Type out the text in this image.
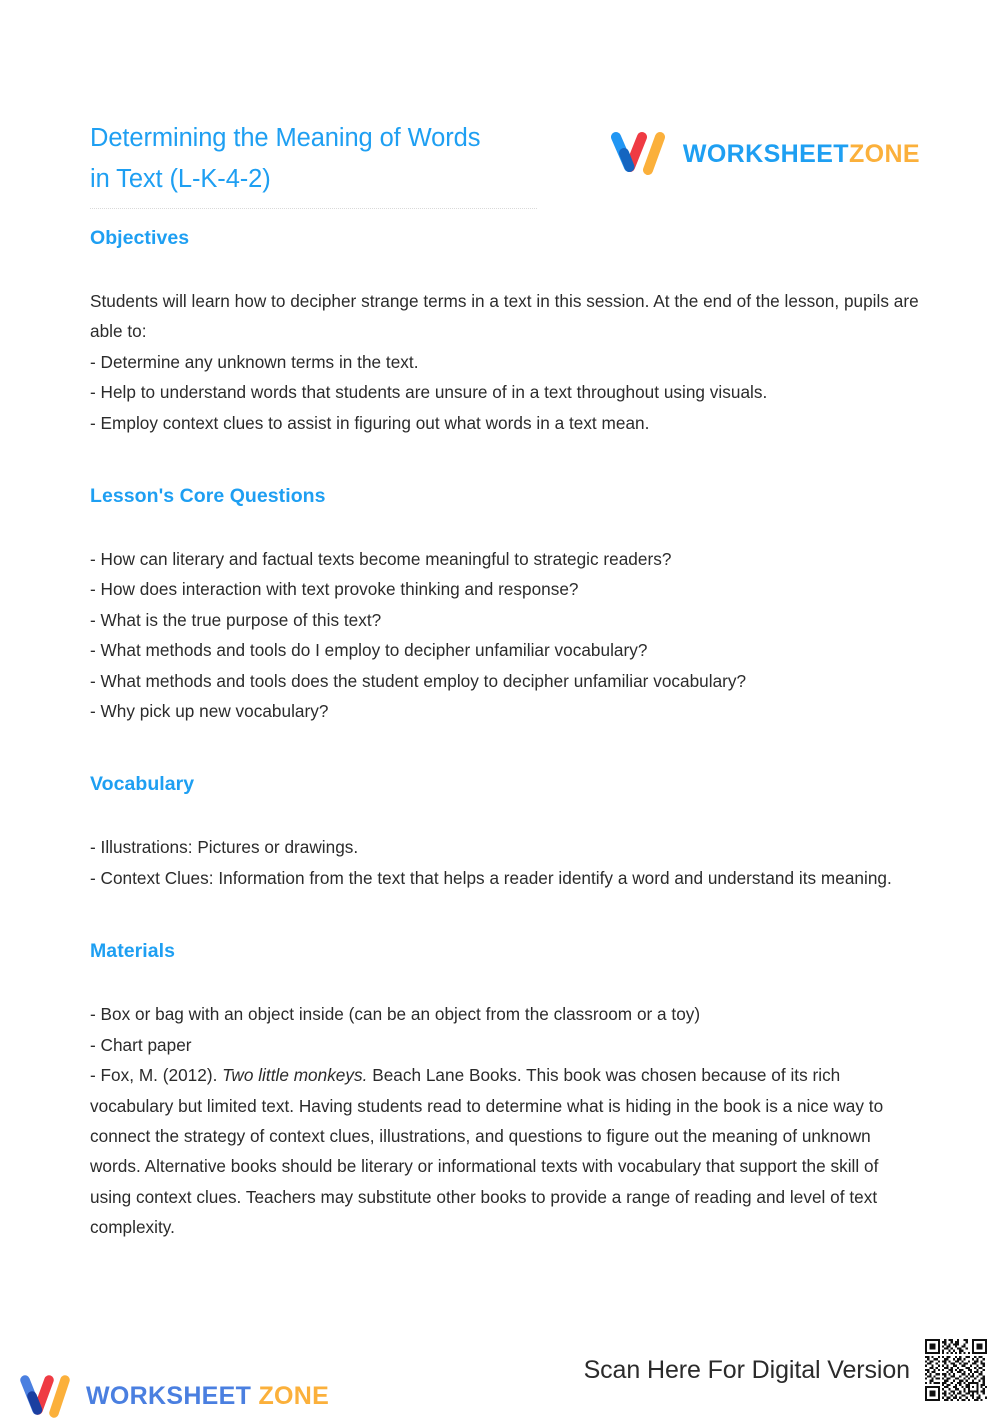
Determining the Meaning of Words
in Text (L-K-4-2)
WORKSHEETZONE
Objectives

Students will learn how to decipher strange terms in a text in this session. At the end of the lesson, pupils are able to:

- Determine any unknown terms in the text.

- Help to understand words that students are unsure of in a text throughout using visuals.

- Employ context clues to assist in figuring out what words in a text mean.

Lesson's Core Questions

- How can literary and factual texts become meaningful to strategic readers?

- How does interaction with text provoke thinking and response?

- What is the true purpose of this text?

- What methods and tools do I employ to decipher unfamiliar vocabulary?

- What methods and tools does the student employ to decipher unfamiliar vocabulary?

- Why pick up new vocabulary?

Vocabulary

- Illustrations: Pictures or drawings.

- Context Clues: Information from the text that helps a reader identify a word and understand its meaning.

Materials

- Box or bag with an object inside (can be an object from the classroom or a toy)

- Chart paper

- Fox, M. (2012). Two little monkeys. Beach Lane Books. This book was chosen because of its rich vocabulary but limited text. Having students read to determine what is hiding in the book is a nice way to connect the strategy of context clues, illustrations, and questions to figure out the meaning of unknown words. Alternative books should be literary or informational texts with vocabulary that support the skill of using context clues. Teachers may substitute other books to provide a range of reading and level of text complexity.

WORKSHEET ZONE
Scan Here For Digital Version
